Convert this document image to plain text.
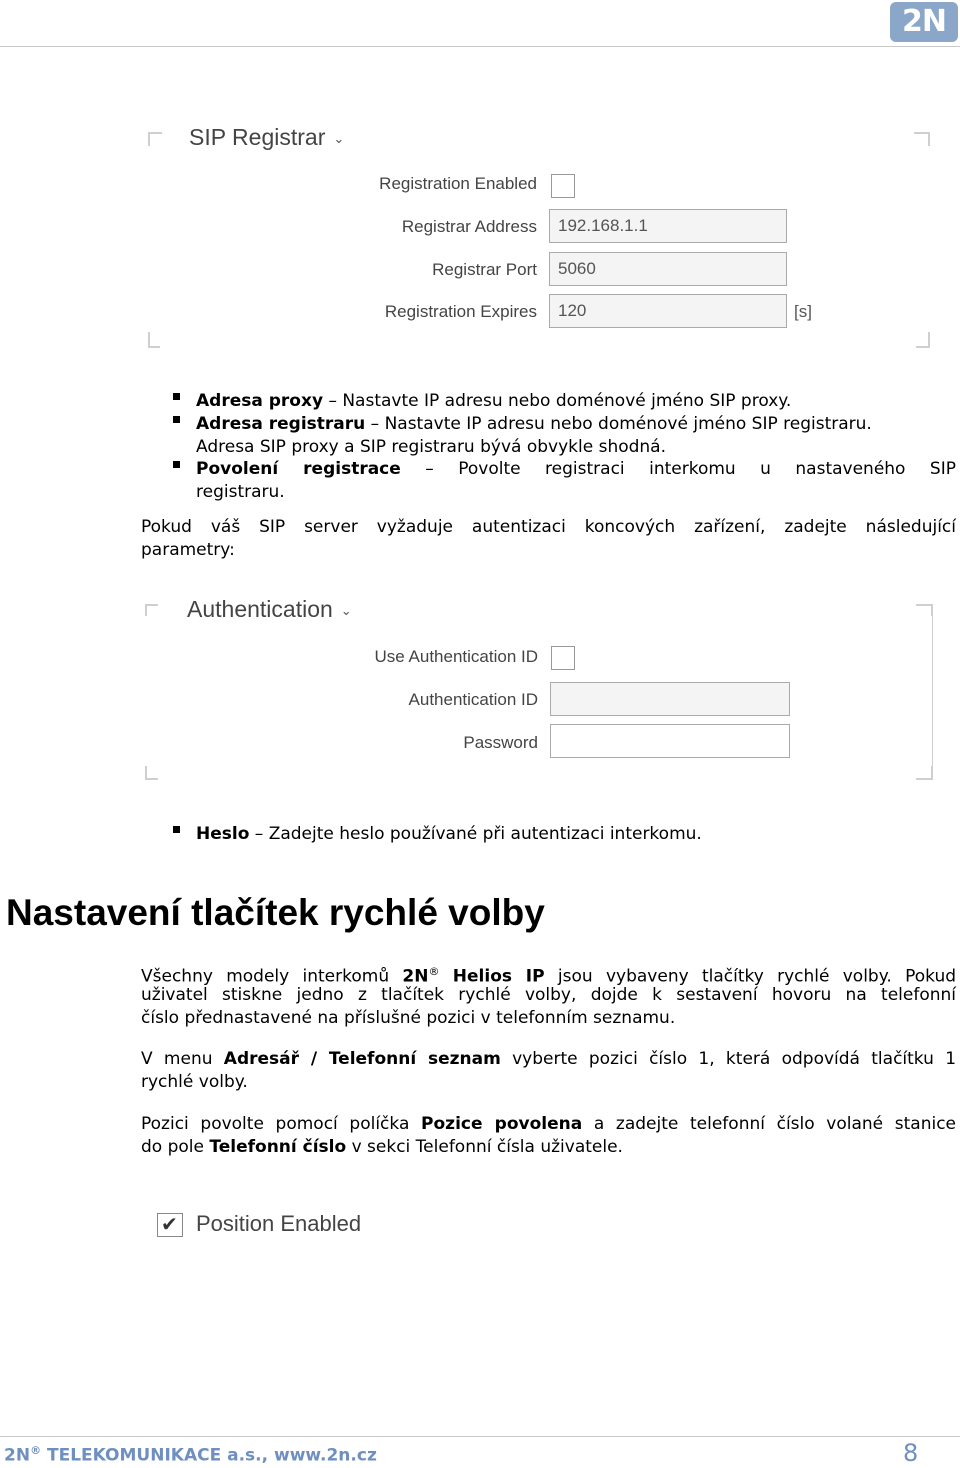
2N
SIP Registrar ⌄
Registration Enabled
Registrar Address	192.168.1.1
Registrar Port	5060
Registration Expires	120	[s]
Adresa proxy – Nastavte IP adresu nebo doménové jméno SIP proxy.
Adresa registraru – Nastavte IP adresu nebo doménové jméno SIP registraru.
Adresa SIP proxy a SIP registraru bývá obvykle shodná.
Povolení registrace – Povolte registraci interkomu u nastaveného SIP
registraru.
Pokud váš SIP server vyžaduje autentizaci koncových zařízení, zadejte následující
parametry:
Authentication ⌄
Use Authentication ID
Authentication ID
Password
Heslo – Zadejte heslo používané při autentizaci interkomu.
Nastavení tlačítek rychlé volby
Všechny modely interkomů 2N® Helios IP jsou vybaveny tlačítky rychlé volby. Pokud
uživatel stiskne jedno z tlačítek rychlé volby, dojde k sestavení hovoru na telefonní
číslo přednastavené na příslušné pozici v telefonním seznamu.
V menu Adresář / Telefonní seznam vyberte pozici číslo 1, která odpovídá tlačítku 1
rychlé volby.
Pozici povolte pomocí políčka Pozice povolena a zadejte telefonní číslo volané stanice
do pole Telefonní číslo v sekci Telefonní čísla uživatele.
✔ Position Enabled
2N® TELEKOMUNIKACE a.s., www.2n.cz	8
